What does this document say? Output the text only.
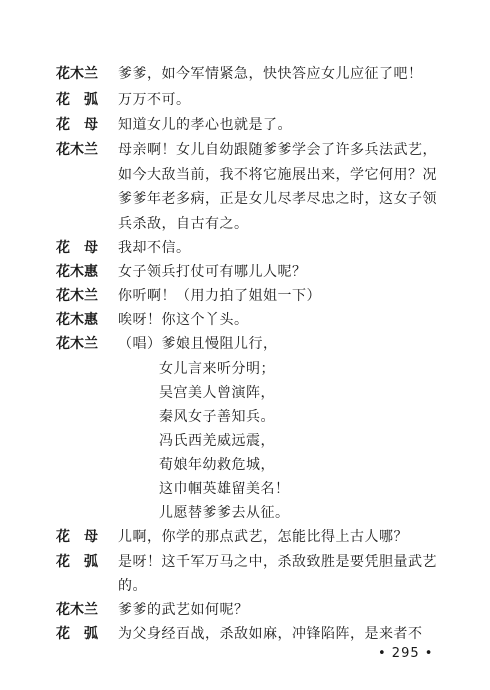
花木兰	爹爹，如今军情紧急，快快答应女儿应征了吧！
花　弧	万万不可。
花　母	知道女儿的孝心也就是了。
花木兰	母亲啊！女儿自幼跟随爹爹学会了许多兵法武艺，
如今大敌当前，我不将它施展出来，学它何用？况
爹爹年老多病，正是女儿尽孝尽忠之时，这女子领
兵杀敌，自古有之。
花　母	我却不信。
花木惠	女子领兵打仗可有哪儿人呢？
花木兰	你听啊！（用力拍了姐姐一下）
花木惠	唉呀！你这个丫头。
花木兰	（唱）爹娘且慢阻儿行，
女儿言来听分明；
吴宫美人曾演阵，
秦风女子善知兵。
冯氏西羌威远震，
荀娘年幼救危城，
这巾帼英雄留美名！
儿愿替爹爹去从征。
花　母	儿啊，你学的那点武艺，怎能比得上古人哪？
花　弧	是呀！这千军万马之中，杀敌致胜是要凭胆量武艺
的。
花木兰	爹爹的武艺如何呢？
花　弧	为父身经百战，杀敌如麻，冲锋陷阵，是来者不
• 295 •
